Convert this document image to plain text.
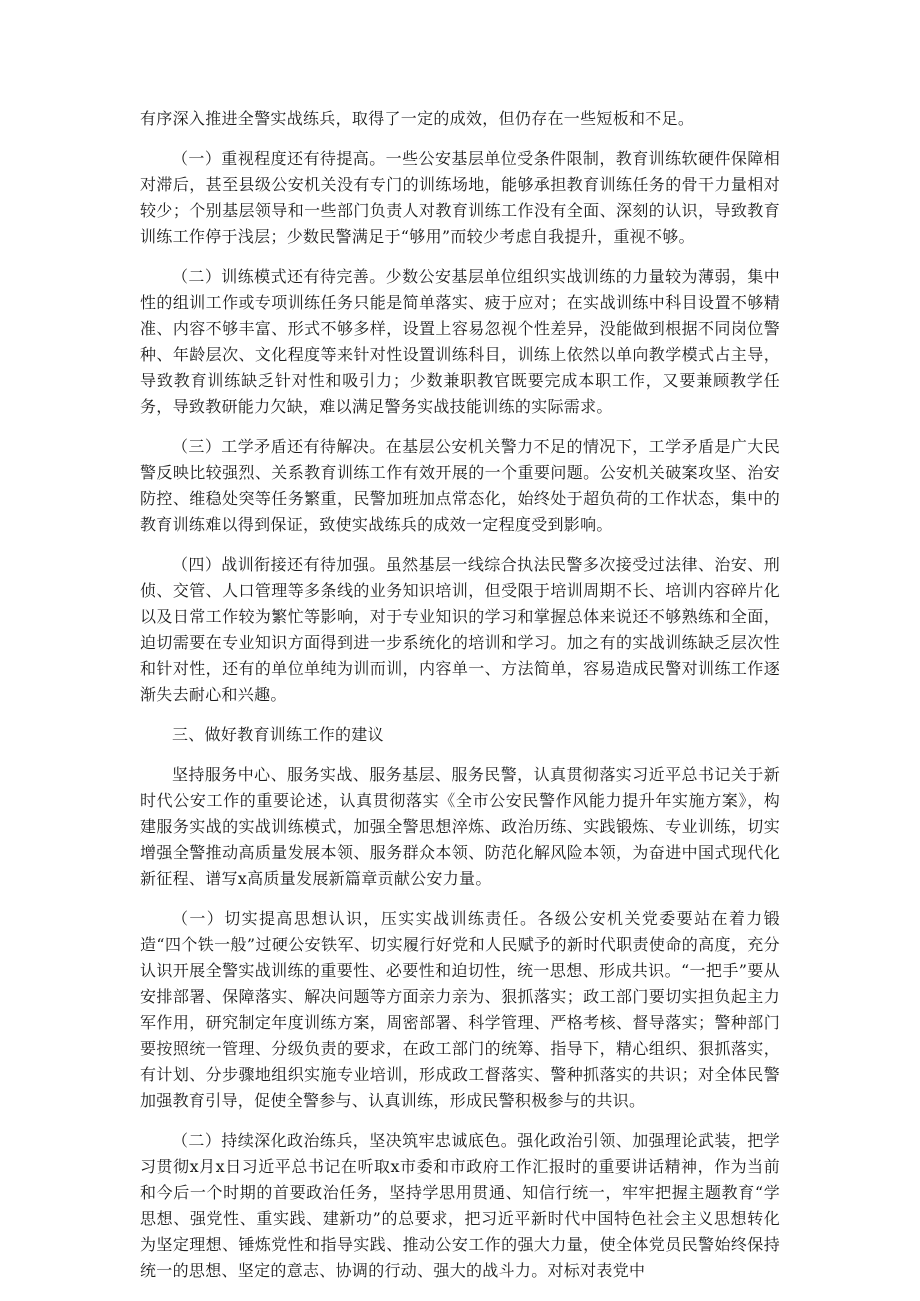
有序深入推进全警实战练兵，取得了一定的成效，但仍存在一些短板和不足。

（一）重视程度还有待提高。一些公安基层单位受条件限制，教育训练软硬件保障相对滞后，甚至县级公安机关没有专门的训练场地，能够承担教育训练任务的骨干力量相对较少；个别基层领导和一些部门负责人对教育训练工作没有全面、深刻的认识，导致教育训练工作停于浅层；少数民警满足于“够用”而较少考虑自我提升，重视不够。

（二）训练模式还有待完善。少数公安基层单位组织实战训练的力量较为薄弱，集中性的组训工作或专项训练任务只能是简单落实、疲于应对；在实战训练中科目设置不够精准、内容不够丰富、形式不够多样，设置上容易忽视个性差异，没能做到根据不同岗位警种、年龄层次、文化程度等来针对性设置训练科目，训练上依然以单向教学模式占主导，导致教育训练缺乏针对性和吸引力；少数兼职教官既要完成本职工作，又要兼顾教学任务，导致教研能力欠缺，难以满足警务实战技能训练的实际需求。

（三）工学矛盾还有待解决。在基层公安机关警力不足的情况下，工学矛盾是广大民警反映比较强烈、关系教育训练工作有效开展的一个重要问题。公安机关破案攻坚、治安防控、维稳处突等任务繁重，民警加班加点常态化，始终处于超负荷的工作状态，集中的教育训练难以得到保证，致使实战练兵的成效一定程度受到影响。

（四）战训衔接还有待加强。虽然基层一线综合执法民警多次接受过法律、治安、刑侦、交管、人口管理等多条线的业务知识培训，但受限于培训周期不长、培训内容碎片化以及日常工作较为繁忙等影响，对于专业知识的学习和掌握总体来说还不够熟练和全面，迫切需要在专业知识方面得到进一步系统化的培训和学习。加之有的实战训练缺乏层次性和针对性，还有的单位单纯为训而训，内容单一、方法简单，容易造成民警对训练工作逐渐失去耐心和兴趣。

三、做好教育训练工作的建议

坚持服务中心、服务实战、服务基层、服务民警，认真贯彻落实习近平总书记关于新时代公安工作的重要论述，认真贯彻落实《全市公安民警作风能力提升年实施方案》，构建服务实战的实战训练模式，加强全警思想淬炼、政治历练、实践锻炼、专业训练，切实增强全警推动高质量发展本领、服务群众本领、防范化解风险本领，为奋进中国式现代化新征程、谱写x高质量发展新篇章贡献公安力量。

（一）切实提高思想认识，压实实战训练责任。各级公安机关党委要站在着力锻造“四个铁一般”过硬公安铁军、切实履行好党和人民赋予的新时代职责使命的高度，充分认识开展全警实战训练的重要性、必要性和迫切性，统一思想、形成共识。“一把手”要从安排部署、保障落实、解决问题等方面亲力亲为、狠抓落实；政工部门要切实担负起主力军作用，研究制定年度训练方案，周密部署、科学管理、严格考核、督导落实；警种部门要按照统一管理、分级负责的要求，在政工部门的统筹、指导下，精心组织、狠抓落实，有计划、分步骤地组织实施专业培训，形成政工督落实、警种抓落实的共识；对全体民警加强教育引导，促使全警参与、认真训练，形成民警积极参与的共识。

（二）持续深化政治练兵，坚决筑牢忠诚底色。强化政治引领、加强理论武装，把学习贯彻x月x日习近平总书记在听取x市委和市政府工作汇报时的重要讲话精神，作为当前和今后一个时期的首要政治任务，坚持学思用贯通、知信行统一，牢牢把握主题教育“学思想、强党性、重实践、建新功”的总要求，把习近平新时代中国特色社会主义思想转化为坚定理想、锤炼党性和指导实践、推动公安工作的强大力量，使全体党员民警始终保持统一的思想、坚定的意志、协调的行动、强大的战斗力。对标对表党中
